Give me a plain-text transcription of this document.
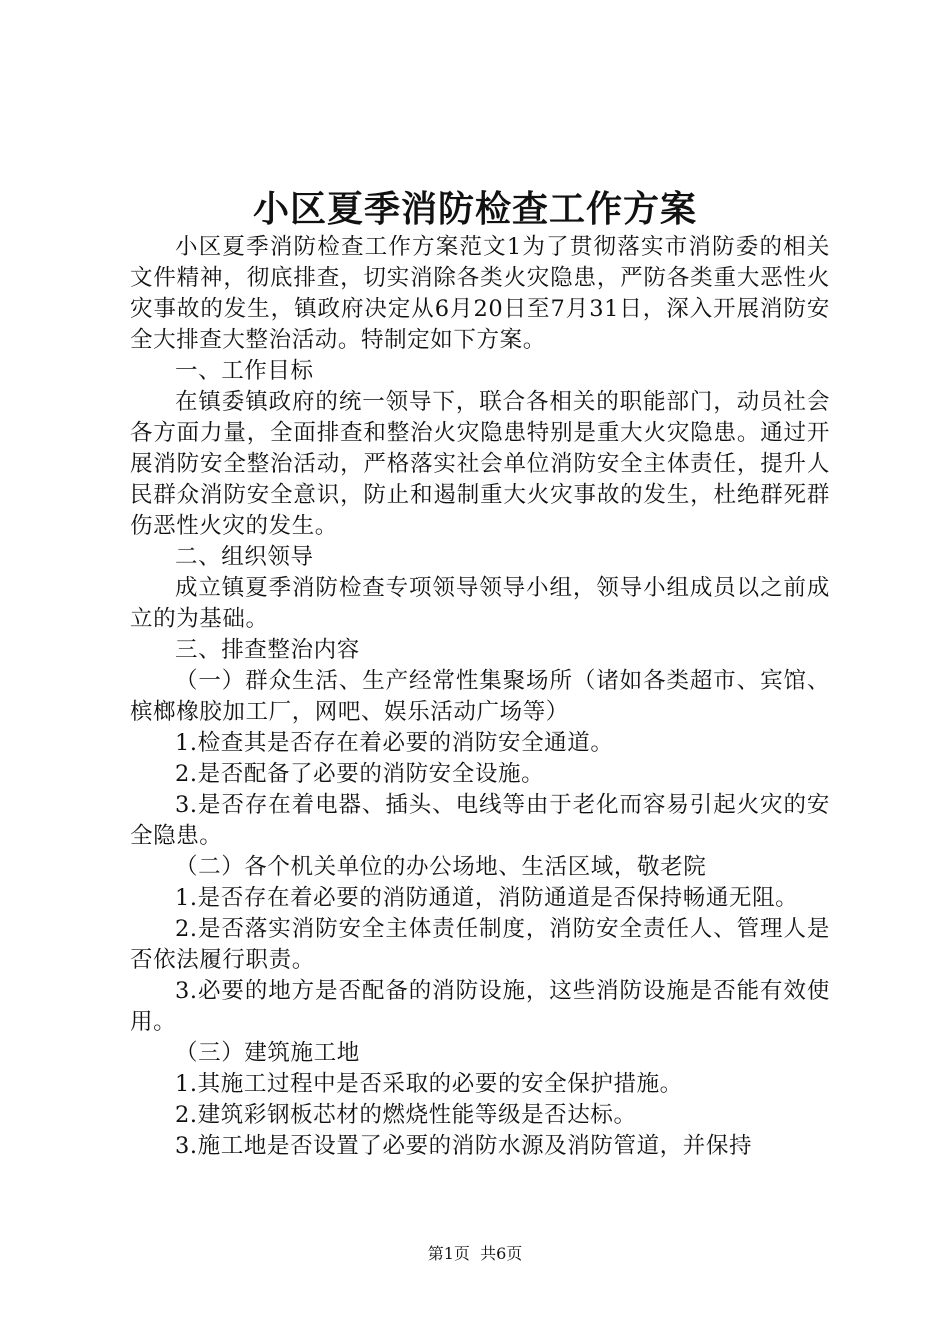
小区夏季消防检查工作方案

小区夏季消防检查工作方案范文1为了贯彻落实市消防委的相关文件精神，彻底排查，切实消除各类火灾隐患，严防各类重大恶性火灾事故的发生，镇政府决定从6月20日至7月31日，深入开展消防安全大排查大整治活动。特制定如下方案。

一、工作目标

在镇委镇政府的统一领导下，联合各相关的职能部门，动员社会各方面力量，全面排查和整治火灾隐患特别是重大火灾隐患。通过开展消防安全整治活动，严格落实社会单位消防安全主体责任，提升人民群众消防安全意识，防止和遏制重大火灾事故的发生，杜绝群死群伤恶性火灾的发生。

二、组织领导

成立镇夏季消防检查专项领导领导小组，领导小组成员以之前成立的为基础。

三、排查整治内容

（一）群众生活、生产经常性集聚场所（诸如各类超市、宾馆、槟榔橡胶加工厂，网吧、娱乐活动广场等）

1.检查其是否存在着必要的消防安全通道。

2.是否配备了必要的消防安全设施。

3.是否存在着电器、插头、电线等由于老化而容易引起火灾的安全隐患。

（二）各个机关单位的办公场地、生活区域，敬老院

1.是否存在着必要的消防通道，消防通道是否保持畅通无阻。

2.是否落实消防安全主体责任制度，消防安全责任人、管理人是否依法履行职责。

3.必要的地方是否配备的消防设施，这些消防设施是否能有效使用。

（三）建筑施工地

1.其施工过程中是否采取的必要的安全保护措施。

2.建筑彩钢板芯材的燃烧性能等级是否达标。

3.施工地是否设置了必要的消防水源及消防管道，并保持

第1页 共6页
